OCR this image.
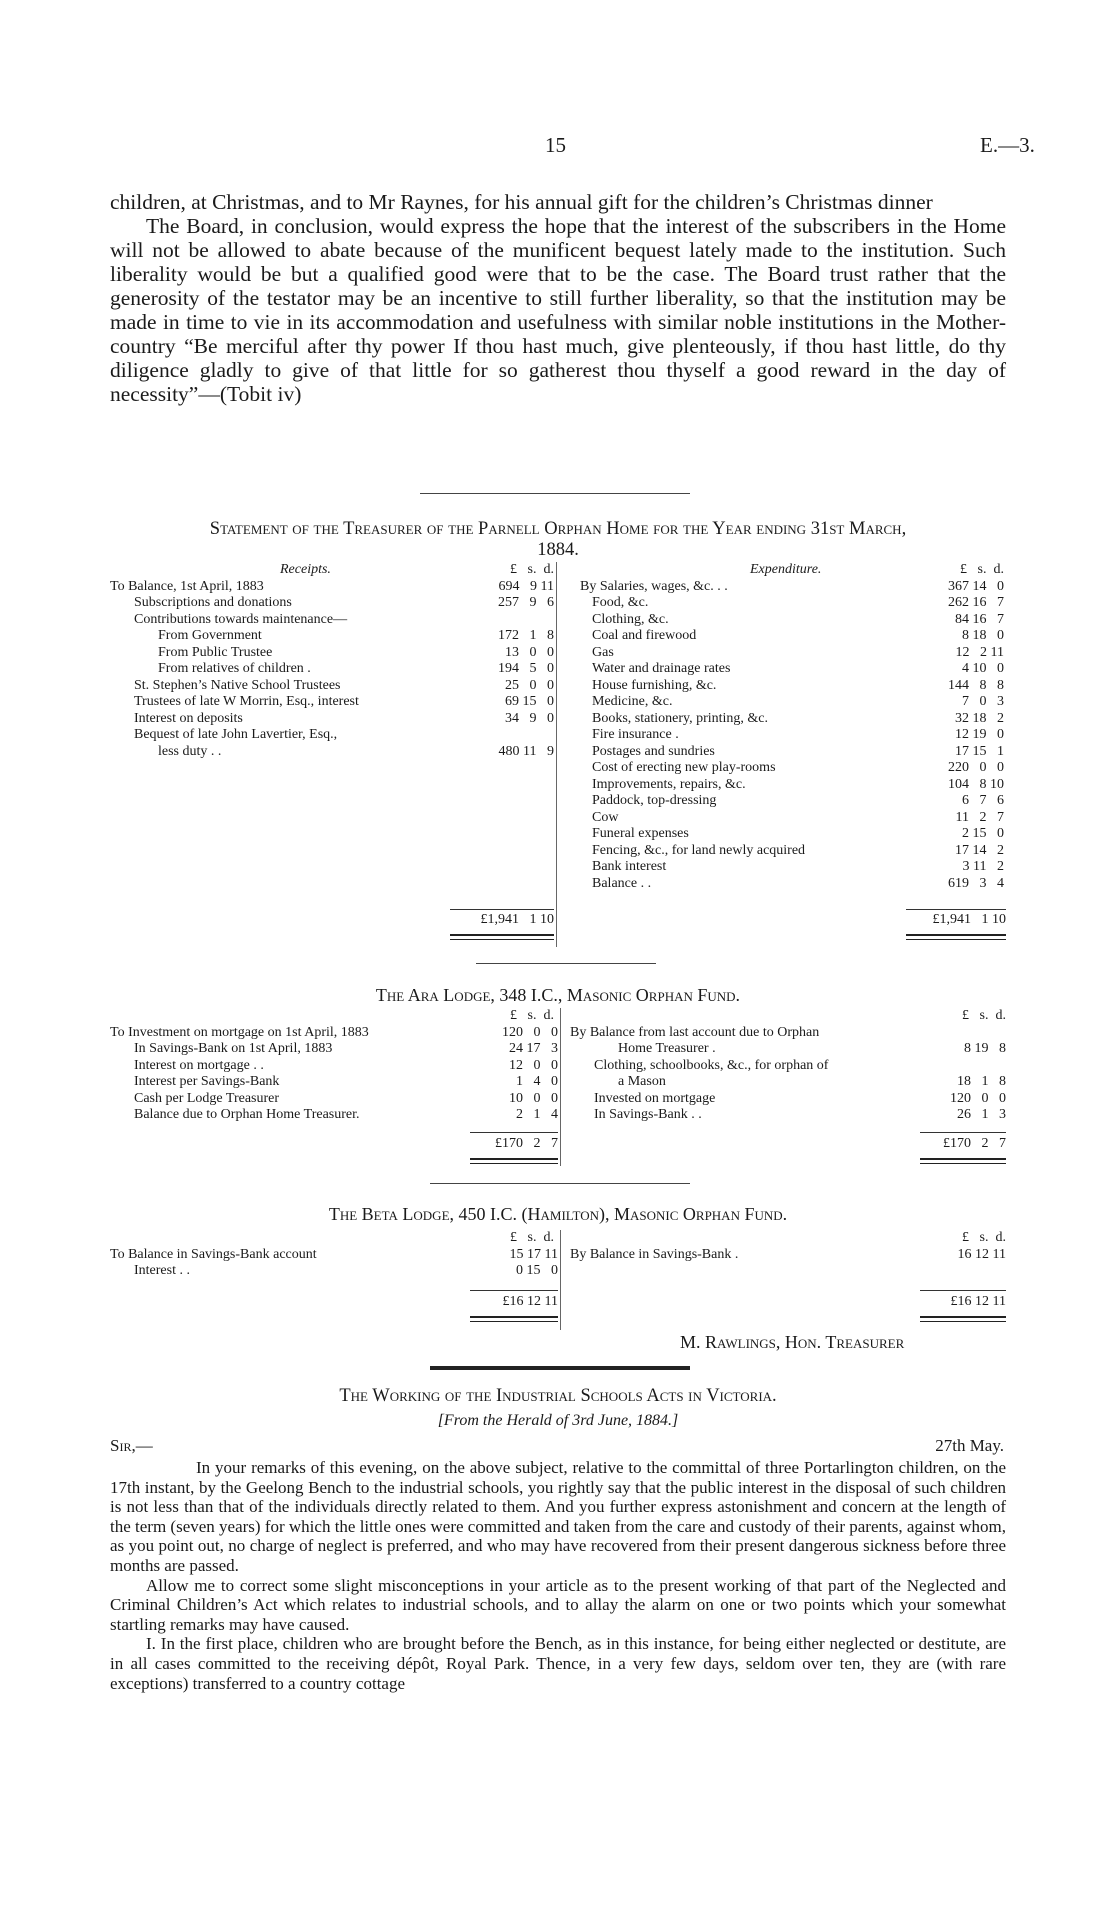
15	E.—3.

children, at Christmas, and to Mr Raynes, for his annual gift for the children’s Christmas dinner

The Board, in conclusion, would express the hope that the interest of the subscribers in the Home will not be allowed to abate because of the munificent bequest lately made to the institution. Such liberality would be but a qualified good were that to be the case. The Board trust rather that the generosity of the testator may be an incentive to still further liberality, so that the institution may be made in time to vie in its accommodation and usefulness with similar noble institutions in the Mother-country “Be merciful after thy power If thou hast much, give plenteously, if thou hast little, do thy diligence gladly to give of that little for so gatherest thou thyself a good reward in the day of necessity”—(Tobit iv)

Statement of the Treasurer of the Parnell Orphan Home for the Year ending 31st March,
1884.
Receipts.	£   s.  d.
To Balance, 1st April, 1883	694   9 11
Subscriptions and donations	257   9   6
Contributions towards maintenance—
From Government	172   1   8
From Public Trustee	13   0   0
From relatives of children .	194   5   0
St. Stephen’s Native School Trustees	25   0   0
Trustees of late W Morrin, Esq., interest	69 15   0
Interest on deposits	34   9   0
Bequest of late John Lavertier, Esq.,
less duty . .	480 11   9
Expenditure.	£   s.  d.
By Salaries, wages, &c. . .	367 14   0
Food, &c.	262 16   7
Clothing, &c.	84 16   7
Coal and firewood	8 18   0
Gas	12   2 11
Water and drainage rates	4 10   0
House furnishing, &c.	144   8   8
Medicine, &c.	7   0   3
Books, stationery, printing, &c.	32 18   2
Fire insurance .	12 19   0
Postages and sundries	17 15   1
Cost of erecting new play-rooms	220   0   0
Improvements, repairs, &c.	104   8 10
Paddock, top-dressing	6   7   6
Cow	11   2   7
Funeral expenses	2 15   0
Fencing, &c., for land newly acquired	17 14   2
Bank interest	3 11   2
Balance . .	619   3   4
£1,941   1 10	£1,941   1 10
The Ara Lodge, 348 I.C., Masonic Orphan Fund.
£   s.  d.
To Investment on mortgage on 1st April, 1883	120   0   0
In Savings-Bank on 1st April, 1883	24 17   3
Interest on mortgage . .	12   0   0
Interest per Savings-Bank	1   4   0
Cash per Lodge Treasurer	10   0   0
Balance due to Orphan Home Treasurer.	2   1   4
£   s.  d.
By Balance from last account due to Orphan
Home Treasurer .	8 19   8
Clothing, schoolbooks, &c., for orphan of
a Mason	18   1   8
Invested on mortgage	120   0   0
In Savings-Bank . .	26   1   3
£170   2   7	£170   2   7
The Beta Lodge, 450 I.C. (Hamilton), Masonic Orphan Fund.
£   s.  d.
To Balance in Savings-Bank account	15 17 11
Interest . .	0 15   0
£   s.  d.
By Balance in Savings-Bank .	16 12 11
£16 12 11	£16 12 11
M. Rawlings, Hon. Treasurer
The Working of the Industrial Schools Acts in Victoria.
[From the Herald of 3rd June, 1884.]
Sir,—	27th May.

In your remarks of this evening, on the above subject, relative to the committal of three Portarlington children, on the 17th instant, by the Geelong Bench to the industrial schools, you rightly say that the public interest in the disposal of such children is not less than that of the individuals directly related to them. And you further express astonishment and concern at the length of the term (seven years) for which the little ones were committed and taken from the care and custody of their parents, against whom, as you point out, no charge of neglect is preferred, and who may have recovered from their present dangerous sickness before three months are passed.

Allow me to correct some slight misconceptions in your article as to the present working of that part of the Neglected and Criminal Children’s Act which relates to industrial schools, and to allay the alarm on one or two points which your somewhat startling remarks may have caused.

I. In the first place, children who are brought before the Bench, as in this instance, for being either neglected or destitute, are in all cases committed to the receiving dépôt, Royal Park. Thence, in a very few days, seldom over ten, they are (with rare exceptions) transferred to a country cottage
